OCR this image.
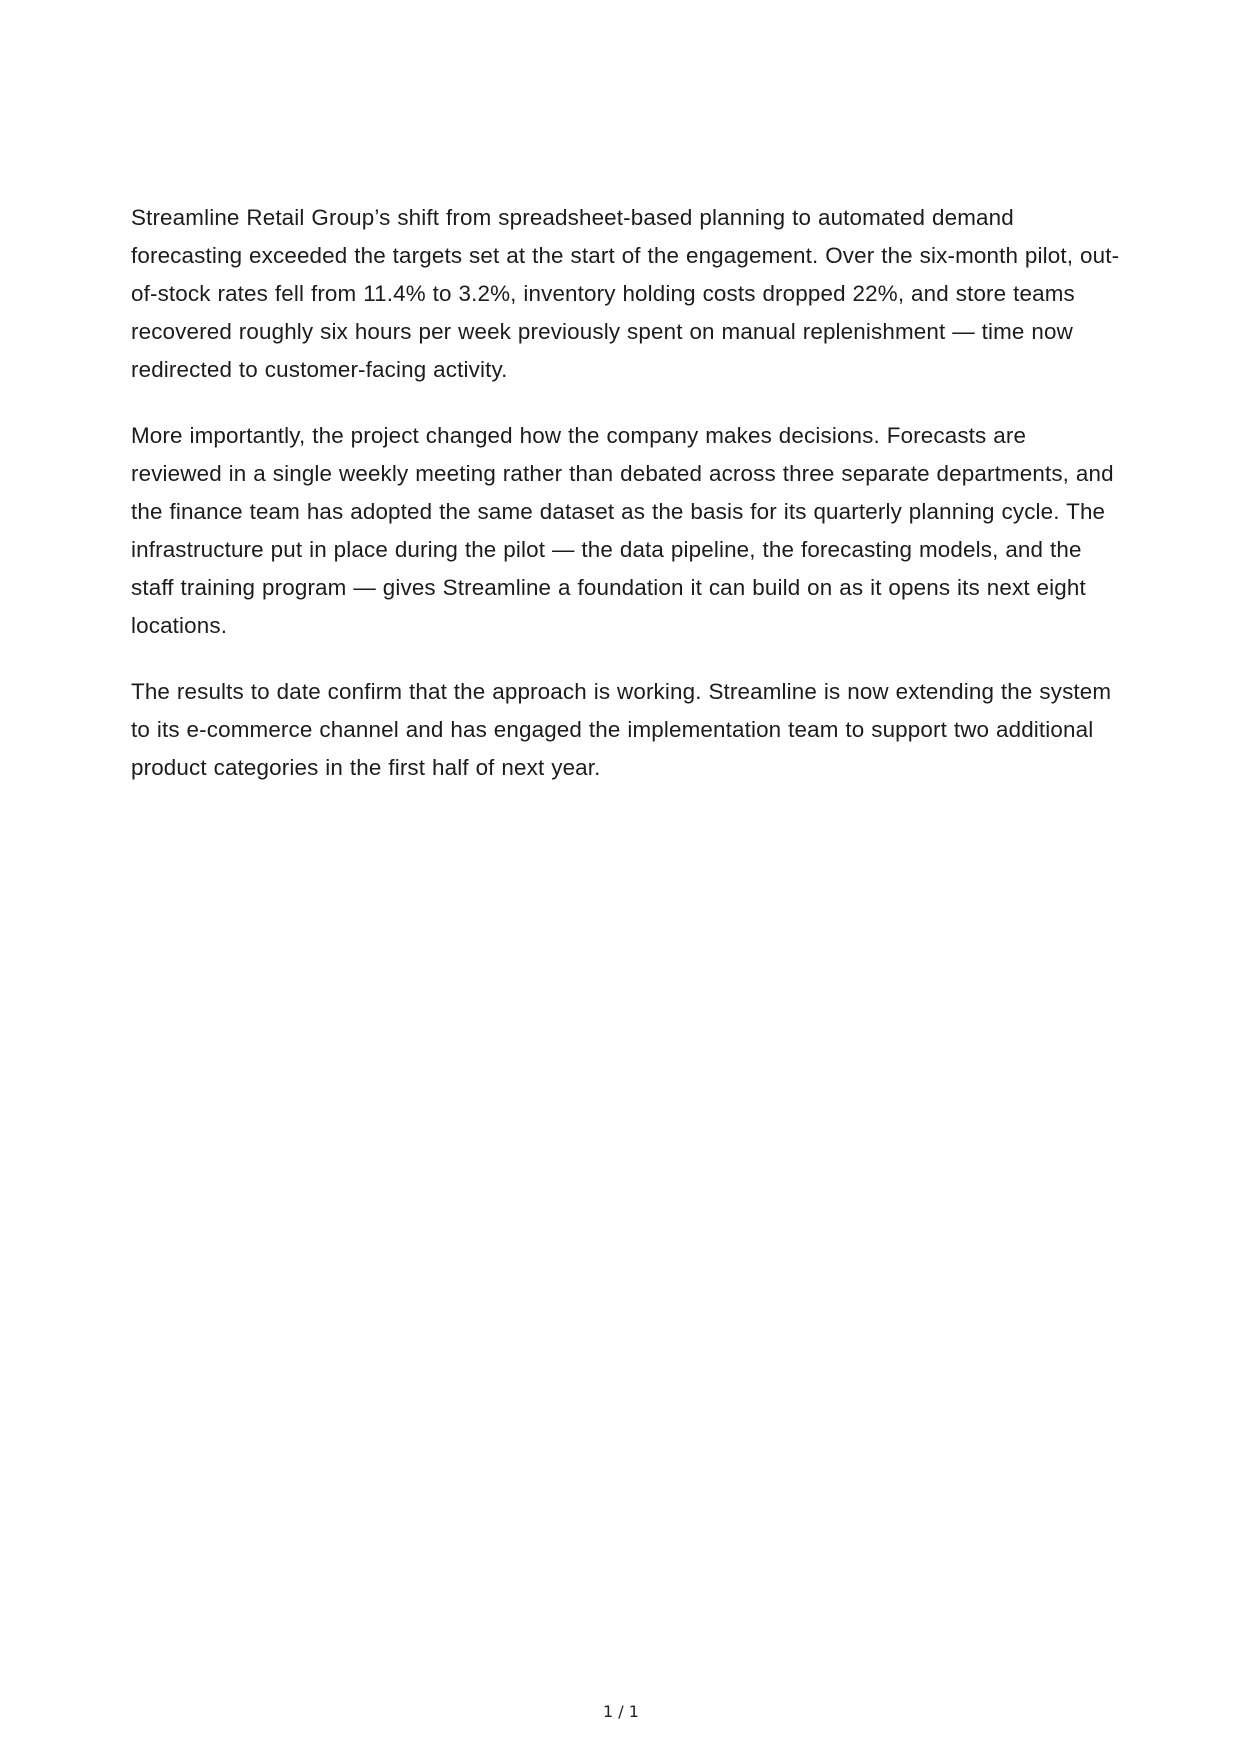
Streamline Retail Group’s shift from spreadsheet-based planning to automated demand forecasting exceeded the targets set at the start of the engagement. Over the six-month pilot, out-of-stock rates fell from 11.4% to 3.2%, inventory holding costs dropped 22%, and store teams recovered roughly six hours per week previously spent on manual replenishment — time now redirected to customer-facing activity.

More importantly, the project changed how the company makes decisions. Forecasts are reviewed in a single weekly meeting rather than debated across three separate departments, and the finance team has adopted the same dataset as the basis for its quarterly planning cycle. The infrastructure put in place during the pilot — the data pipeline, the forecasting models, and the staff training program — gives Streamline a foundation it can build on as it opens its next eight locations.

The results to date confirm that the approach is working. Streamline is now extending the system to its e-commerce channel and has engaged the implementation team to support two additional product categories in the first half of next year.

1 / 1
